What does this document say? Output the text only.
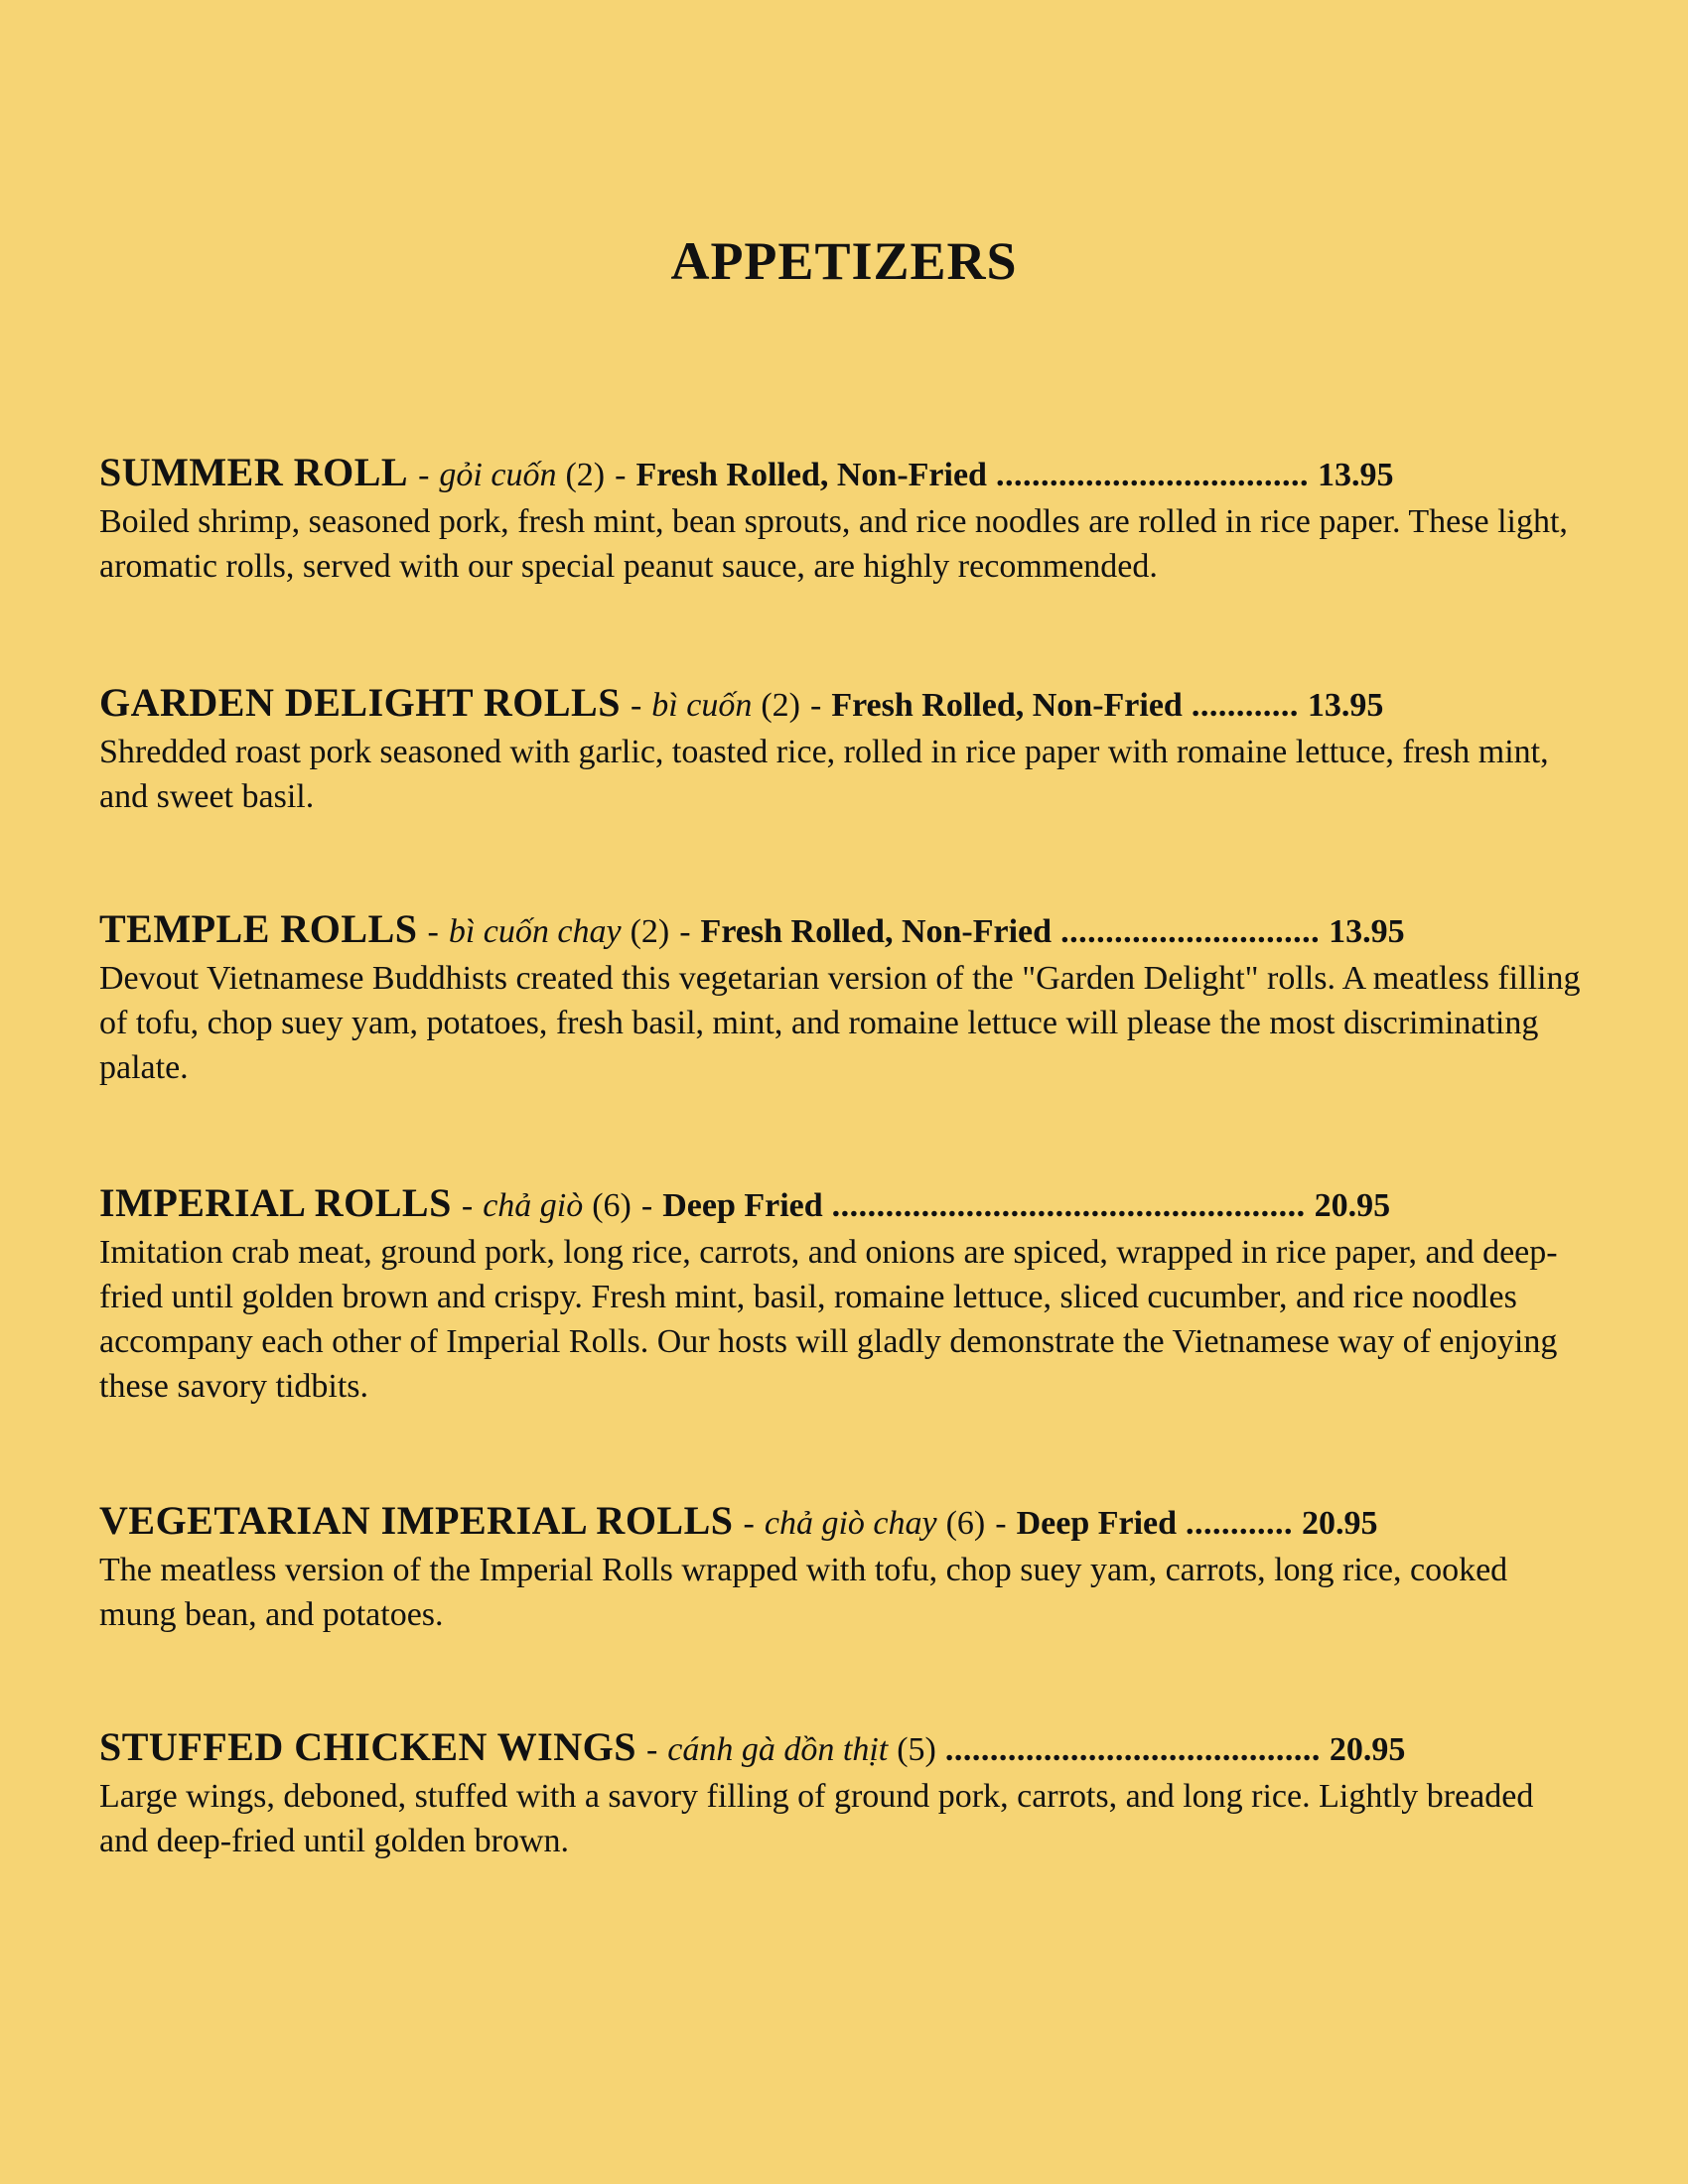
APPETIZERS
SUMMER ROLL - gỏi cuốn (2) - Fresh Rolled, Non-Fried ................................... 13.95

Boiled shrimp, seasoned pork, fresh mint, bean sprouts, and rice noodles are rolled in rice paper. These light, aromatic rolls, served with our special peanut sauce, are highly recommended.

GARDEN DELIGHT ROLLS - bì cuốn (2) - Fresh Rolled, Non-Fried ............ 13.95

Shredded roast pork seasoned with garlic, toasted rice, rolled in rice paper with romaine lettuce, fresh mint, and sweet basil.

TEMPLE ROLLS - bì cuốn chay (2) - Fresh Rolled, Non-Fried ............................. 13.95

Devout Vietnamese Buddhists created this vegetarian version of the "Garden Delight" rolls. A meatless filling of tofu, chop suey yam, potatoes, fresh basil, mint, and romaine lettuce will please the most discriminating palate.

IMPERIAL ROLLS - chả giò (6) - Deep Fried ..................................................... 20.95

Imitation crab meat, ground pork, long rice, carrots, and onions are spiced, wrapped in rice paper, and deep-fried until golden brown and crispy. Fresh mint, basil, romaine lettuce, sliced cucumber, and rice noodles accompany each other of Imperial Rolls. Our hosts will gladly demonstrate the Vietnamese way of enjoying these savory tidbits.

VEGETARIAN IMPERIAL ROLLS - chả giò chay (6) - Deep Fried ............ 20.95

The meatless version of the Imperial Rolls wrapped with tofu, chop suey yam, carrots, long rice, cooked mung bean, and potatoes.

STUFFED CHICKEN WINGS - cánh gà dồn thịt (5) .......................................... 20.95

Large wings, deboned, stuffed with a savory filling of ground pork, carrots, and long rice. Lightly breaded and deep-fried until golden brown.
